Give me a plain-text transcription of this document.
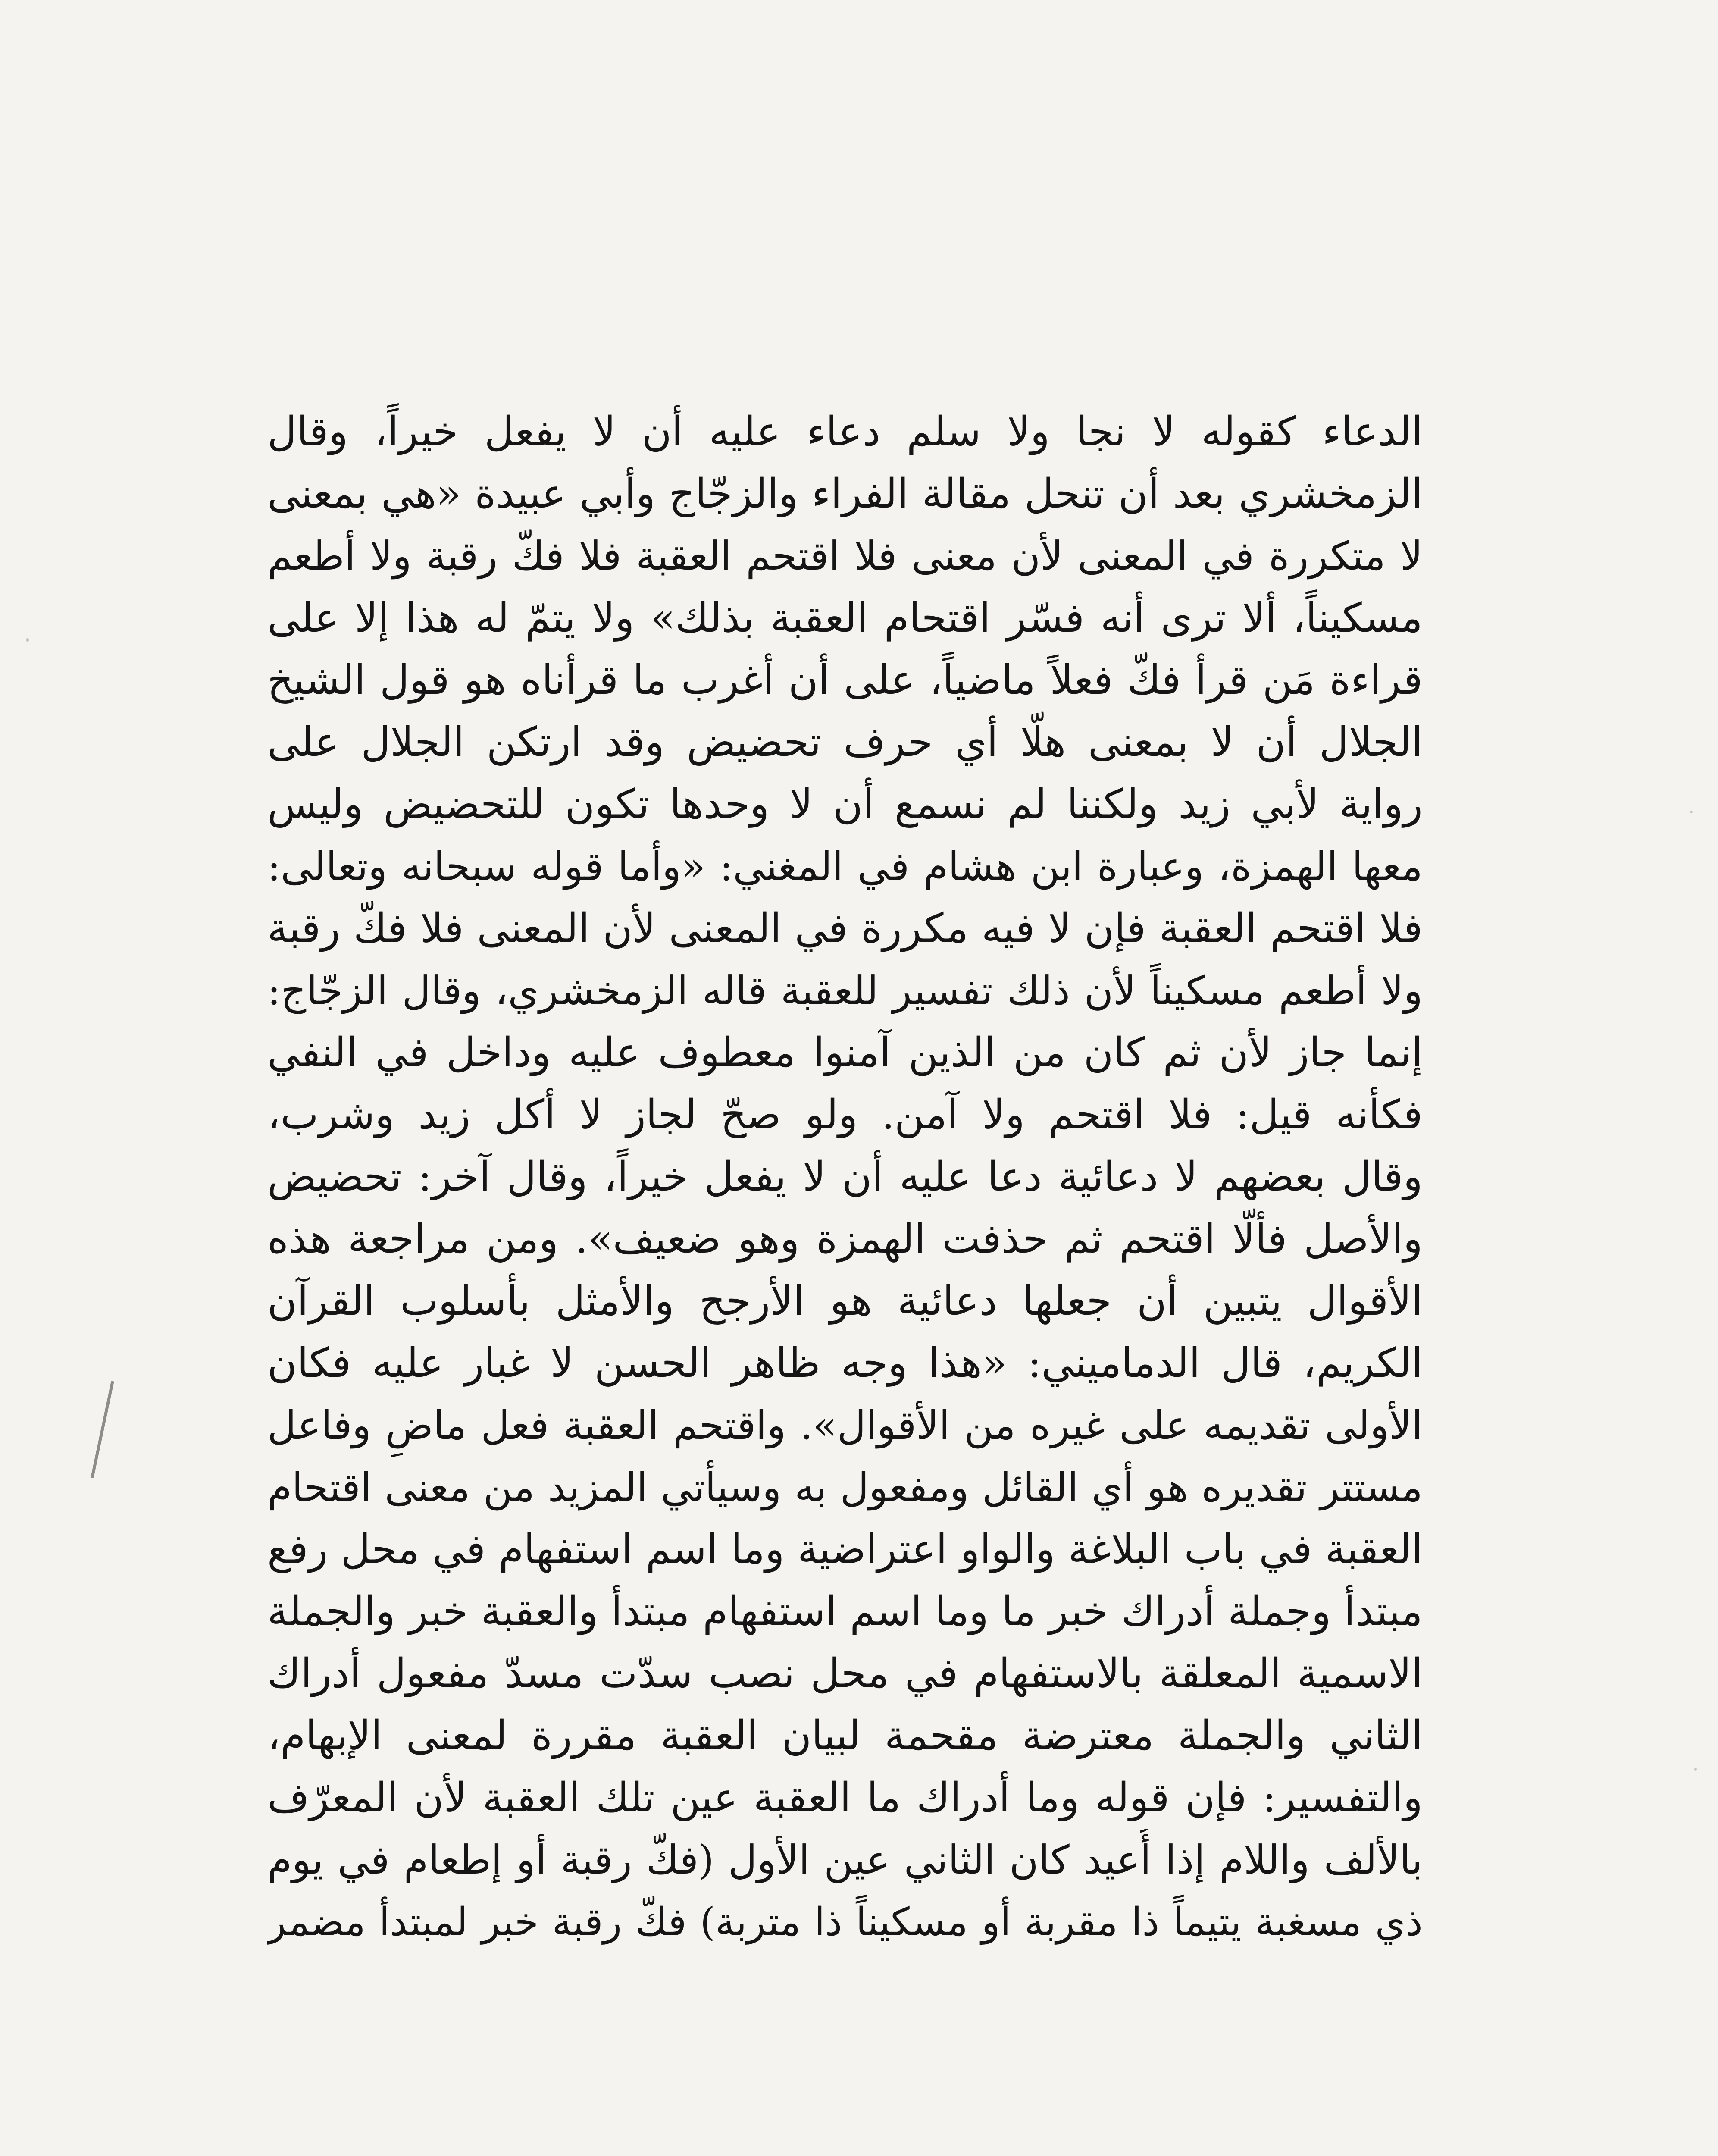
الدعاء كقوله لا نجا ولا سلم دعاء عليه أن لا يفعل خيراً، وقال
الزمخشري بعد أن تنحل مقالة الفراء والزجّاج وأبي عبيدة «هي بمعنى
لا متكررة في المعنى لأن معنى فلا اقتحم العقبة فلا فكّ رقبة ولا أطعم
مسكيناً، ألا ترى أنه فسّر اقتحام العقبة بذلك» ولا يتمّ له هذا إلا على
قراءة مَن قرأ فكّ فعلاً ماضياً، على أن أغرب ما قرأناه هو قول الشيخ
الجلال أن لا بمعنى هلّا أي حرف تحضيض وقد ارتكن الجلال على
رواية لأبي زيد ولكننا لم نسمع أن لا وحدها تكون للتحضيض وليس
معها الهمزة، وعبارة ابن هشام في المغني: «وأما قوله سبحانه وتعالى:
فلا اقتحم العقبة فإن لا فيه مكررة في المعنى لأن المعنى فلا فكّ رقبة
ولا أطعم مسكيناً لأن ذلك تفسير للعقبة قاله الزمخشري، وقال الزجّاج:
إنما جاز لأن ثم كان من الذين آمنوا معطوف عليه وداخل في النفي
فكأنه قيل: فلا اقتحم ولا آمن. ولو صحّ لجاز لا أكل زيد وشرب،
وقال بعضهم لا دعائية دعا عليه أن لا يفعل خيراً، وقال آخر: تحضيض
والأصل فألّا اقتحم ثم حذفت الهمزة وهو ضعيف». ومن مراجعة هذه
الأقوال يتبين أن جعلها دعائية هو الأرجح والأمثل بأسلوب القرآن
الكريم، قال الدماميني: «هذا وجه ظاهر الحسن لا غبار عليه فكان
الأولى تقديمه على غيره من الأقوال». واقتحم العقبة فعل ماضٍ وفاعل
مستتر تقديره هو أي القائل ومفعول به وسيأتي المزيد من معنى اقتحام
العقبة في باب البلاغة والواو اعتراضية وما اسم استفهام في محل رفع
مبتدأ وجملة أدراك خبر ما وما اسم استفهام مبتدأ والعقبة خبر والجملة
الاسمية المعلقة بالاستفهام في محل نصب سدّت مسدّ مفعول أدراك
الثاني والجملة معترضة مقحمة لبيان العقبة مقررة لمعنى الإبهام،
والتفسير: فإن قوله وما أدراك ما العقبة عين تلك العقبة لأن المعرّف
بالألف واللام إذا أُعيد كان الثاني عين الأول (فكّ رقبة أو إطعام في يوم
ذي مسغبة يتيماً ذا مقربة أو مسكيناً ذا متربة) فكّ رقبة خبر لمبتدأ مضمر
